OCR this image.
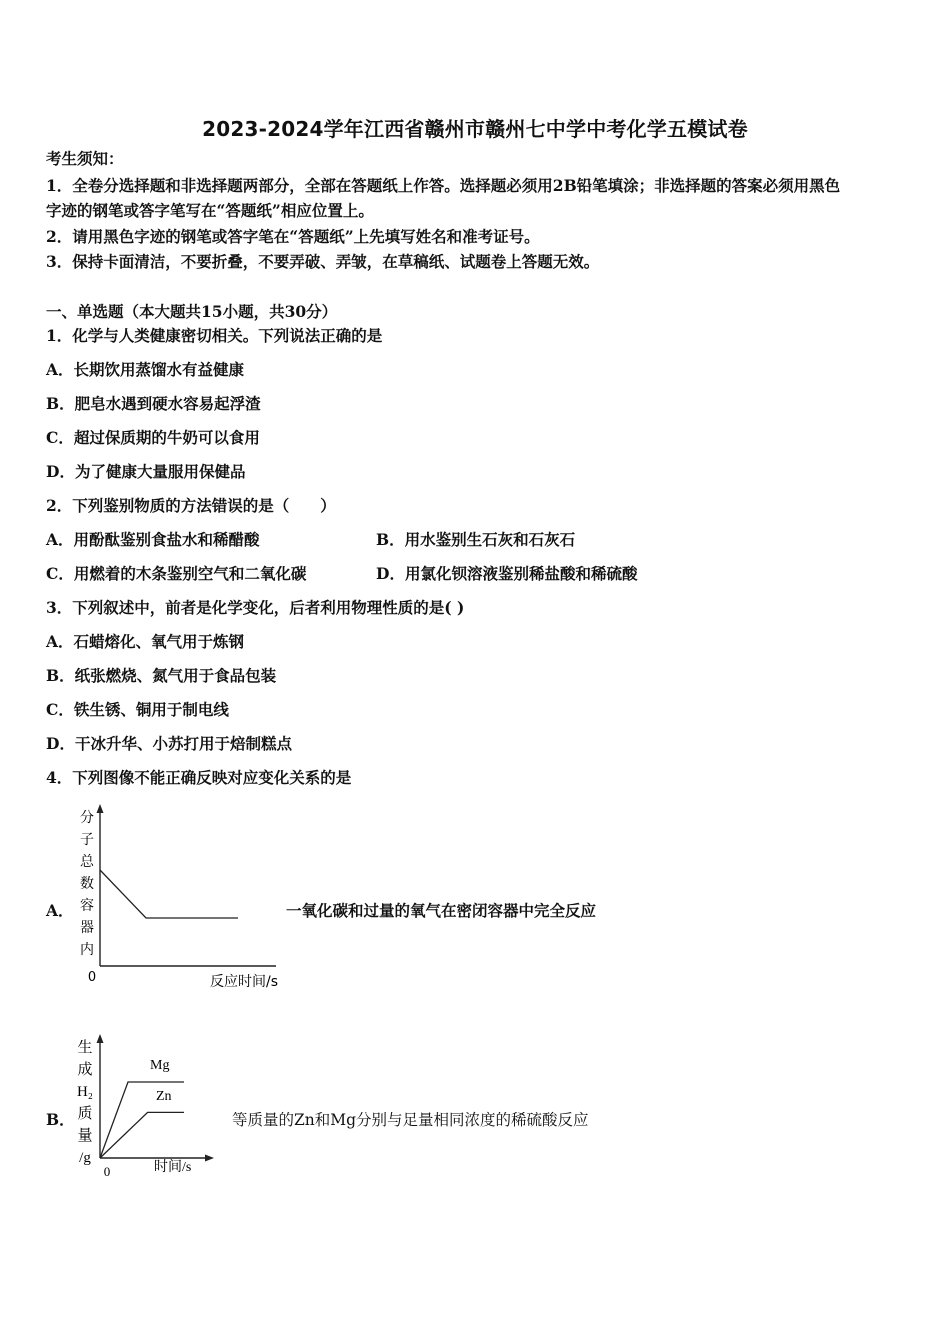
2023-2024学年江西省赣州市赣州七中学中考化学五模试卷
考生须知：
1．全卷分选择题和非选择题两部分，全部在答题纸上作答。选择题必须用2B铅笔填涂；非选择题的答案必须用黑色
字迹的钢笔或答字笔写在“答题纸”相应位置上。
2．请用黑色字迹的钢笔或答字笔在“答题纸”上先填写姓名和准考证号。
3．保持卡面清洁，不要折叠，不要弄破、弄皱，在草稿纸、试题卷上答题无效。
一、单选题（本大题共15小题，共30分）
1．化学与人类健康密切相关。下列说法正确的是
A．长期饮用蒸馏水有益健康
B．肥皂水遇到硬水容易起浮渣
C．超过保质期的牛奶可以食用
D．为了健康大量服用保健品
2．下列鉴别物质的方法错误的是（　　）
A．用酚酞鉴别食盐水和稀醋酸	B．用水鉴别生石灰和石灰石
C．用燃着的木条鉴别空气和二氧化碳	D．用氯化钡溶液鉴别稀盐酸和稀硫酸
3．下列叙述中，前者是化学变化，后者利用物理性质的是( )
A．石蜡熔化、氧气用于炼钢
B．纸张燃烧、氮气用于食品包装
C．铁生锈、铜用于制电线
D．干冰升华、小苏打用于焙制糕点
4．下列图像不能正确反映对应变化关系的是
A．
分
子
总
数
容
器
内
0	反应时间/s
一氧化碳和过量的氧气在密闭容器中完全反应
B．
生
成
H₂
质
量
/g
0	时间/s
Mg
Zn
等质量的Zn和Mg分别与足量相同浓度的稀硫酸反应
